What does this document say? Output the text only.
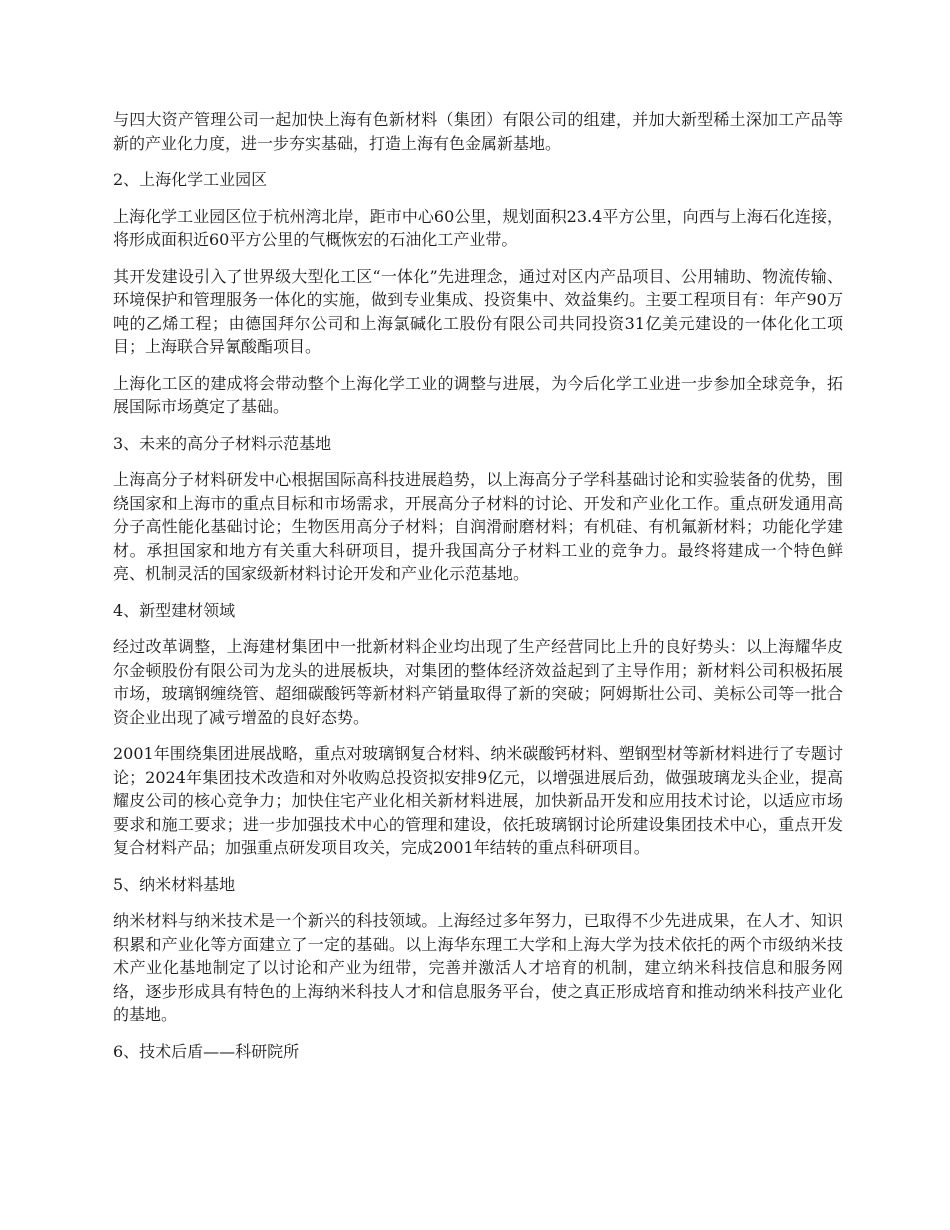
与四大资产管理公司一起加快上海有色新材料（集团）有限公司的组建，并加大新型稀土深加工产品等新的产业化力度，进一步夯实基础，打造上海有色金属新基地。

2、上海化学工业园区

上海化学工业园区位于杭州湾北岸，距市中心60公里，规划面积23.4平方公里，向西与上海石化连接，将形成面积近60平方公里的气概恢宏的石油化工产业带。

其开发建设引入了世界级大型化工区“一体化”先进理念，通过对区内产品项目、公用辅助、物流传输、环境保护和管理服务一体化的实施，做到专业集成、投资集中、效益集约。主要工程项目有：年产90万吨的乙烯工程；由德国拜尔公司和上海氯碱化工股份有限公司共同投资31亿美元建设的一体化化工项目；上海联合异氰酸酯项目。

上海化工区的建成将会带动整个上海化学工业的调整与进展，为今后化学工业进一步参加全球竞争，拓展国际市场奠定了基础。

3、未来的高分子材料示范基地

上海高分子材料研发中心根据国际高科技进展趋势，以上海高分子学科基础讨论和实验装备的优势，围绕国家和上海市的重点目标和市场需求，开展高分子材料的讨论、开发和产业化工作。重点研发通用高分子高性能化基础讨论；生物医用高分子材料；自润滑耐磨材料；有机硅、有机氟新材料；功能化学建材。承担国家和地方有关重大科研项目，提升我国高分子材料工业的竞争力。最终将建成一个特色鲜亮、机制灵活的国家级新材料讨论开发和产业化示范基地。

4、新型建材领域

经过改革调整，上海建材集团中一批新材料企业均出现了生产经营同比上升的良好势头：以上海耀华皮尔金顿股份有限公司为龙头的进展板块，对集团的整体经济效益起到了主导作用；新材料公司积极拓展市场，玻璃钢缠绕管、超细碳酸钙等新材料产销量取得了新的突破；阿姆斯壮公司、美标公司等一批合资企业出现了减亏增盈的良好态势。

2001年围绕集团进展战略，重点对玻璃钢复合材料、纳米碳酸钙材料、塑钢型材等新材料进行了专题讨论；2024年集团技术改造和对外收购总投资拟安排9亿元，以增强进展后劲，做强玻璃龙头企业，提高耀皮公司的核心竞争力；加快住宅产业化相关新材料进展，加快新品开发和应用技术讨论，以适应市场要求和施工要求；进一步加强技术中心的管理和建设，依托玻璃钢讨论所建设集团技术中心，重点开发复合材料产品；加强重点研发项目攻关，完成2001年结转的重点科研项目。

5、纳米材料基地

纳米材料与纳米技术是一个新兴的科技领域。上海经过多年努力，已取得不少先进成果，在人才、知识积累和产业化等方面建立了一定的基础。以上海华东理工大学和上海大学为技术依托的两个市级纳米技术产业化基地制定了以讨论和产业为纽带，完善并激活人才培育的机制，建立纳米科技信息和服务网络，逐步形成具有特色的上海纳米科技人才和信息服务平台，使之真正形成培育和推动纳米科技产业化的基地。

6、技术后盾——科研院所
